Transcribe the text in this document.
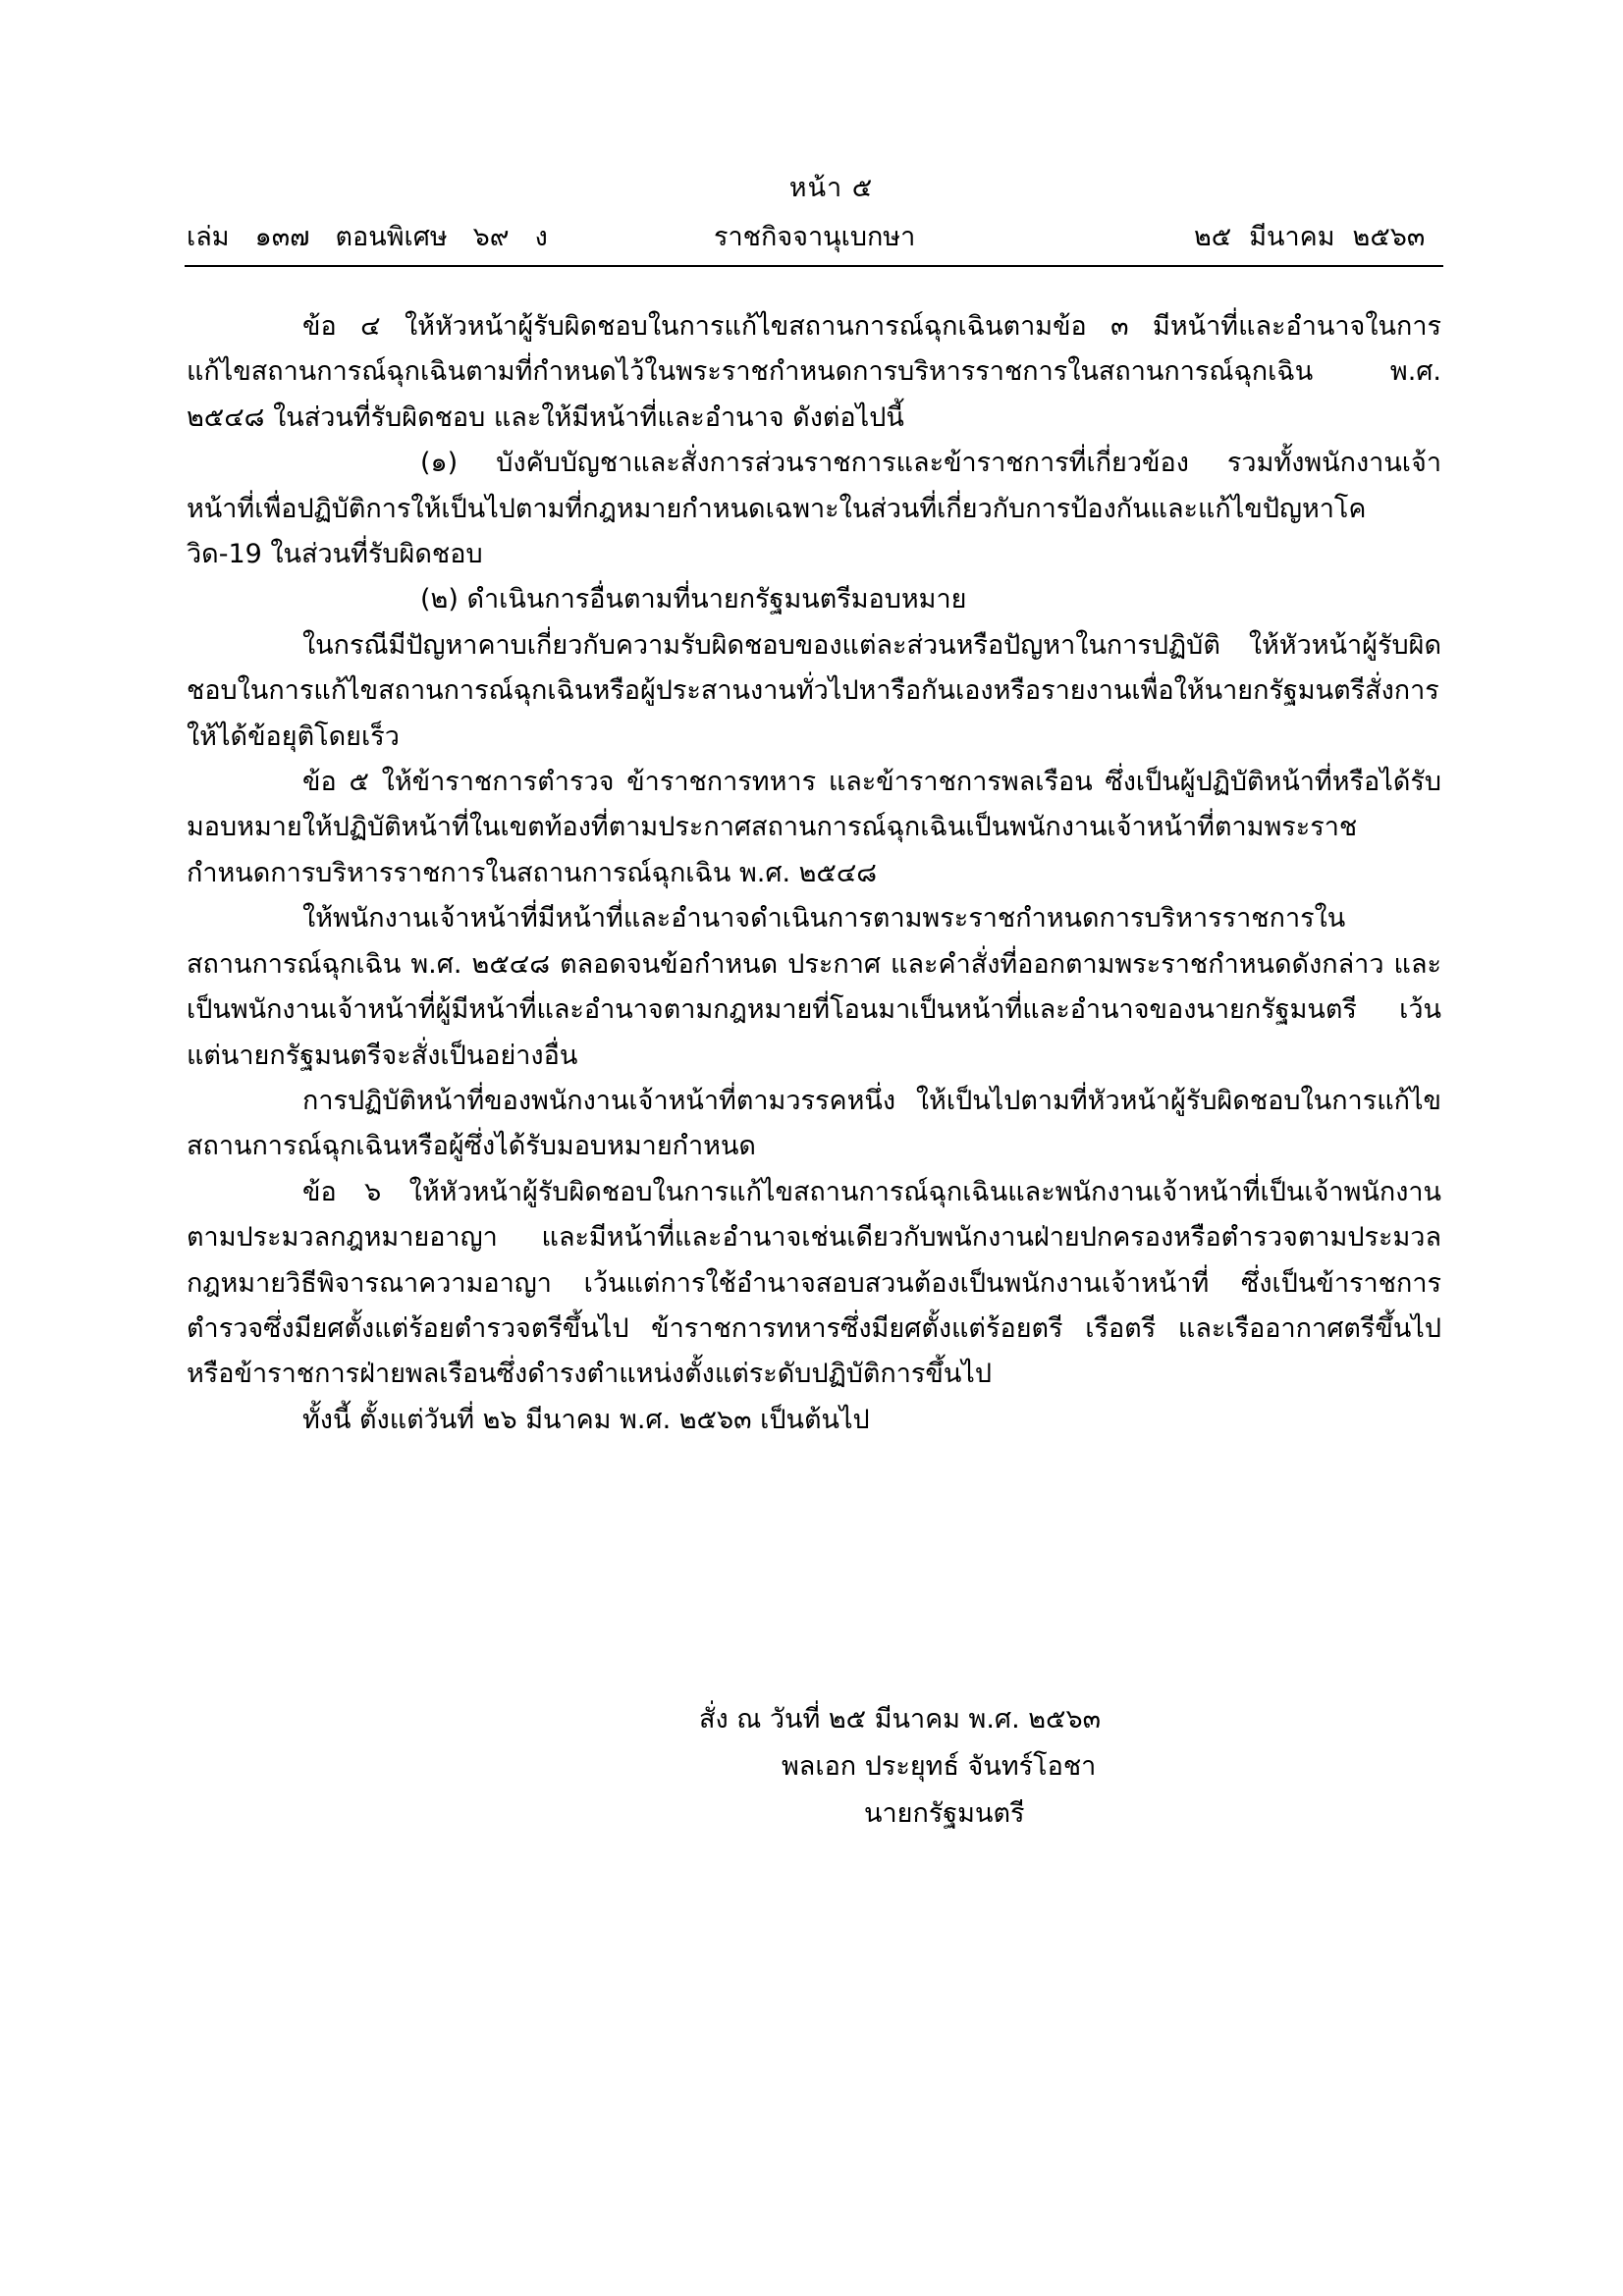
หน้า ๕
เล่ม ๑๓๗ ตอนพิเศษ ๖๙ ง	ราชกิจจานุเบกษา	๒๕ มีนาคม ๒๕๖๓

ข้อ ๔ ให้หัวหน้าผู้รับผิดชอบในการแก้ไขสถานการณ์ฉุกเฉินตามข้อ ๓ มีหน้าที่และอำนาจในการแก้ไขสถานการณ์ฉุกเฉินตามที่กำหนดไว้ในพระราชกำหนดการบริหารราชการในสถานการณ์ฉุกเฉิน พ.ศ. ๒๕๔๘ ในส่วนที่รับผิดชอบ และให้มีหน้าที่และอำนาจ ดังต่อไปนี้

(๑) บังคับบัญชาและสั่งการส่วนราชการและข้าราชการที่เกี่ยวข้อง รวมทั้งพนักงานเจ้าหน้าที่เพื่อปฏิบัติการให้เป็นไปตามที่กฎหมายกำหนดเฉพาะในส่วนที่เกี่ยวกับการป้องกันและแก้ไขปัญหาโควิด-19 ในส่วนที่รับผิดชอบ

(๒) ดำเนินการอื่นตามที่นายกรัฐมนตรีมอบหมาย

ในกรณีมีปัญหาคาบเกี่ยวกับความรับผิดชอบของแต่ละส่วนหรือปัญหาในการปฏิบัติ ให้หัวหน้าผู้รับผิดชอบในการแก้ไขสถานการณ์ฉุกเฉินหรือผู้ประสานงานทั่วไปหารือกันเองหรือรายงานเพื่อให้นายกรัฐมนตรีสั่งการให้ได้ข้อยุติโดยเร็ว

ข้อ ๕ ให้ข้าราชการตำรวจ ข้าราชการทหาร และข้าราชการพลเรือน ซึ่งเป็นผู้ปฏิบัติหน้าที่หรือได้รับมอบหมายให้ปฏิบัติหน้าที่ในเขตท้องที่ตามประกาศสถานการณ์ฉุกเฉินเป็นพนักงานเจ้าหน้าที่ตามพระราชกำหนดการบริหารราชการในสถานการณ์ฉุกเฉิน พ.ศ. ๒๕๔๘

ให้พนักงานเจ้าหน้าที่มีหน้าที่และอำนาจดำเนินการตามพระราชกำหนดการบริหารราชการในสถานการณ์ฉุกเฉิน พ.ศ. ๒๕๔๘ ตลอดจนข้อกำหนด ประกาศ และคำสั่งที่ออกตามพระราชกำหนดดังกล่าว และเป็นพนักงานเจ้าหน้าที่ผู้มีหน้าที่และอำนาจตามกฎหมายที่โอนมาเป็นหน้าที่และอำนาจของนายกรัฐมนตรี เว้นแต่นายกรัฐมนตรีจะสั่งเป็นอย่างอื่น

การปฏิบัติหน้าที่ของพนักงานเจ้าหน้าที่ตามวรรคหนึ่ง ให้เป็นไปตามที่หัวหน้าผู้รับผิดชอบในการแก้ไขสถานการณ์ฉุกเฉินหรือผู้ซึ่งได้รับมอบหมายกำหนด

ข้อ ๖ ให้หัวหน้าผู้รับผิดชอบในการแก้ไขสถานการณ์ฉุกเฉินและพนักงานเจ้าหน้าที่เป็นเจ้าพนักงานตามประมวลกฎหมายอาญา และมีหน้าที่และอำนาจเช่นเดียวกับพนักงานฝ่ายปกครองหรือตำรวจตามประมวลกฎหมายวิธีพิจารณาความอาญา เว้นแต่การใช้อำนาจสอบสวนต้องเป็นพนักงานเจ้าหน้าที่ ซึ่งเป็นข้าราชการตำรวจซึ่งมียศตั้งแต่ร้อยตำรวจตรีขึ้นไป ข้าราชการทหารซึ่งมียศตั้งแต่ร้อยตรี เรือตรี และเรืออากาศตรีขึ้นไป หรือข้าราชการฝ่ายพลเรือนซึ่งดำรงตำแหน่งตั้งแต่ระดับปฏิบัติการขึ้นไป

ทั้งนี้ ตั้งแต่วันที่ ๒๖ มีนาคม พ.ศ. ๒๕๖๓ เป็นต้นไป

สั่ง ณ วันที่ ๒๕ มีนาคม พ.ศ. ๒๕๖๓
พลเอก ประยุทธ์ จันทร์โอชา
นายกรัฐมนตรี
